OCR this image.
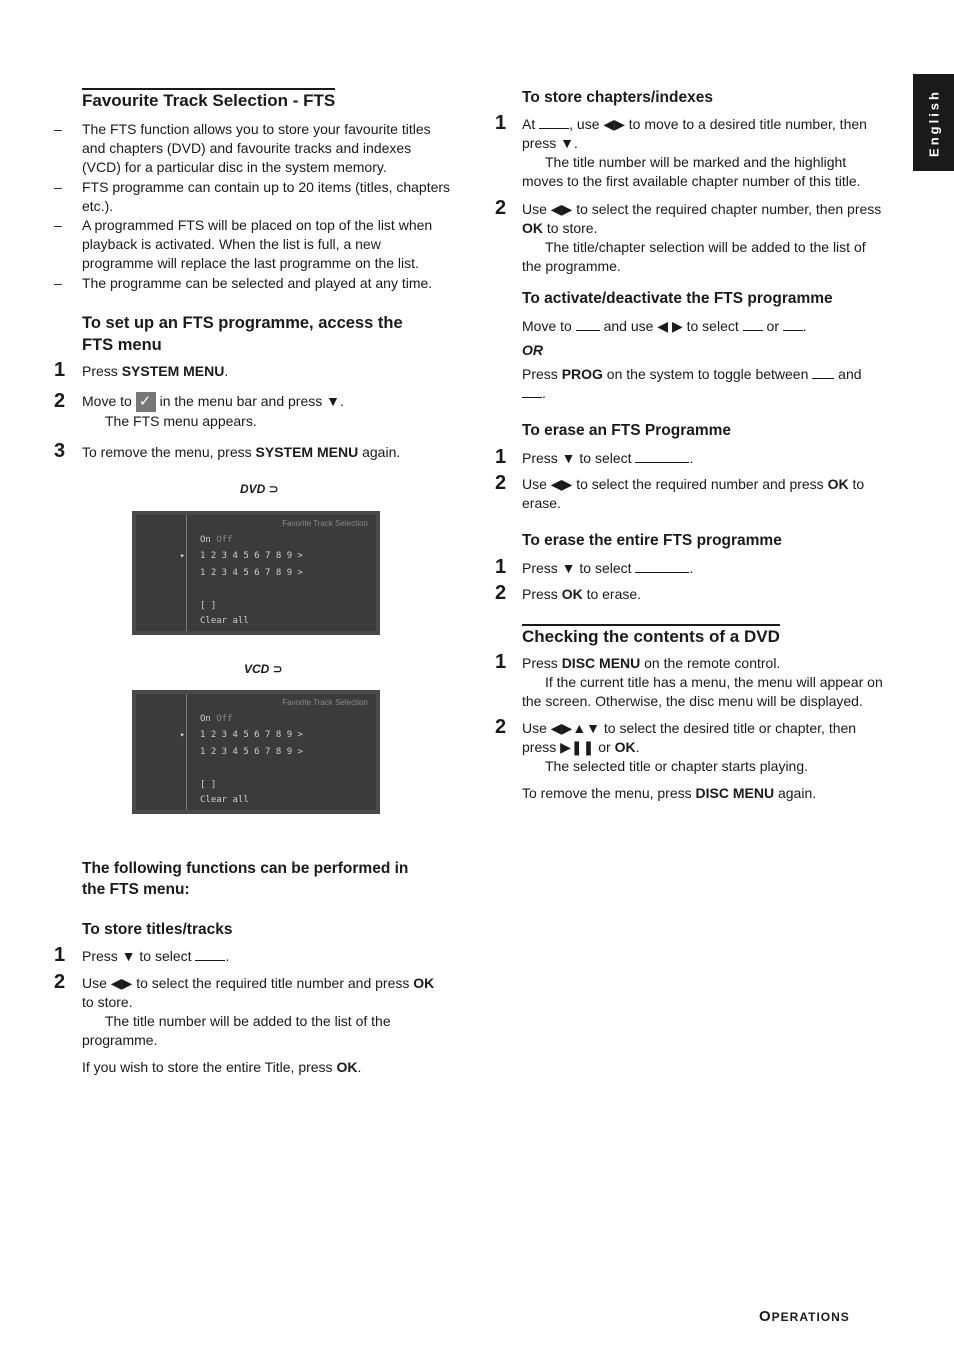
English
Favourite Track Selection - FTS
– The FTS function allows you to store your favourite titles
and chapters (DVD) and favourite tracks and indexes
(VCD) for a particular disc in the system memory.

– FTS programme can contain up to 20 items (titles, chapters
etc.).

– A programmed FTS will be placed on top of the list when
playback is activated. When the list is full, a new
programme will replace the last programme on the list.

– The programme can be selected and played at any time.

To set up an FTS programme, access the

FTS menu

1 Press SYSTEM MENU.

2 Move to ✓ in the menu bar and press ▼.
The FTS menu appears.

3 To remove the menu, press SYSTEM MENU again.

DVD ⊃
Favorite Track Selection
On Off
▸ 1 2 3 4 5 6 7 8 9 >
1 2 3 4 5 6 7 8 9 >
[ ]
Clear all
VCD ⊃
Favorite Track Selection
On Off
▸ 1 2 3 4 5 6 7 8 9 >
1 2 3 4 5 6 7 8 9 >
[ ]
Clear all

The following functions can be performed in

the FTS menu:

To store titles/tracks

1 Press ▼ to select .

2 Use ◀▶ to select the required title number and press OK
to store.
The title number will be added to the list of the
programme.

If you wish to store the entire Title, press OK.

To store chapters/indexes

1 At , use ◀▶ to move to a desired title number, then
press ▼.
The title number will be marked and the highlight
moves to the first available chapter number of this title.

2 Use ◀▶ to select the required chapter number, then press
OK to store.
The title/chapter selection will be added to the list of
the programme.

To activate/deactivate the FTS programme

Move to  and use ◀ ▶ to select  or .

OR

Press PROG on the system to toggle between  and
.

To erase an FTS Programme

1 Press ▼ to select	.

2 Use ◀▶ to select the required number and press OK to
erase.

To erase the entire FTS programme

1 Press ▼ to select	.

2 Press OK to erase.

Checking the contents of a DVD
1 Press DISC MENU on the remote control.
If the current title has a menu, the menu will appear on
the screen. Otherwise, the disc menu will be displayed.

2 Use ◀▶▲▼ to select the desired title or chapter, then
press ▶❚❚ or OK.
The selected title or chapter starts playing.

To remove the menu, press DISC MENU again.

OPERATIONS
